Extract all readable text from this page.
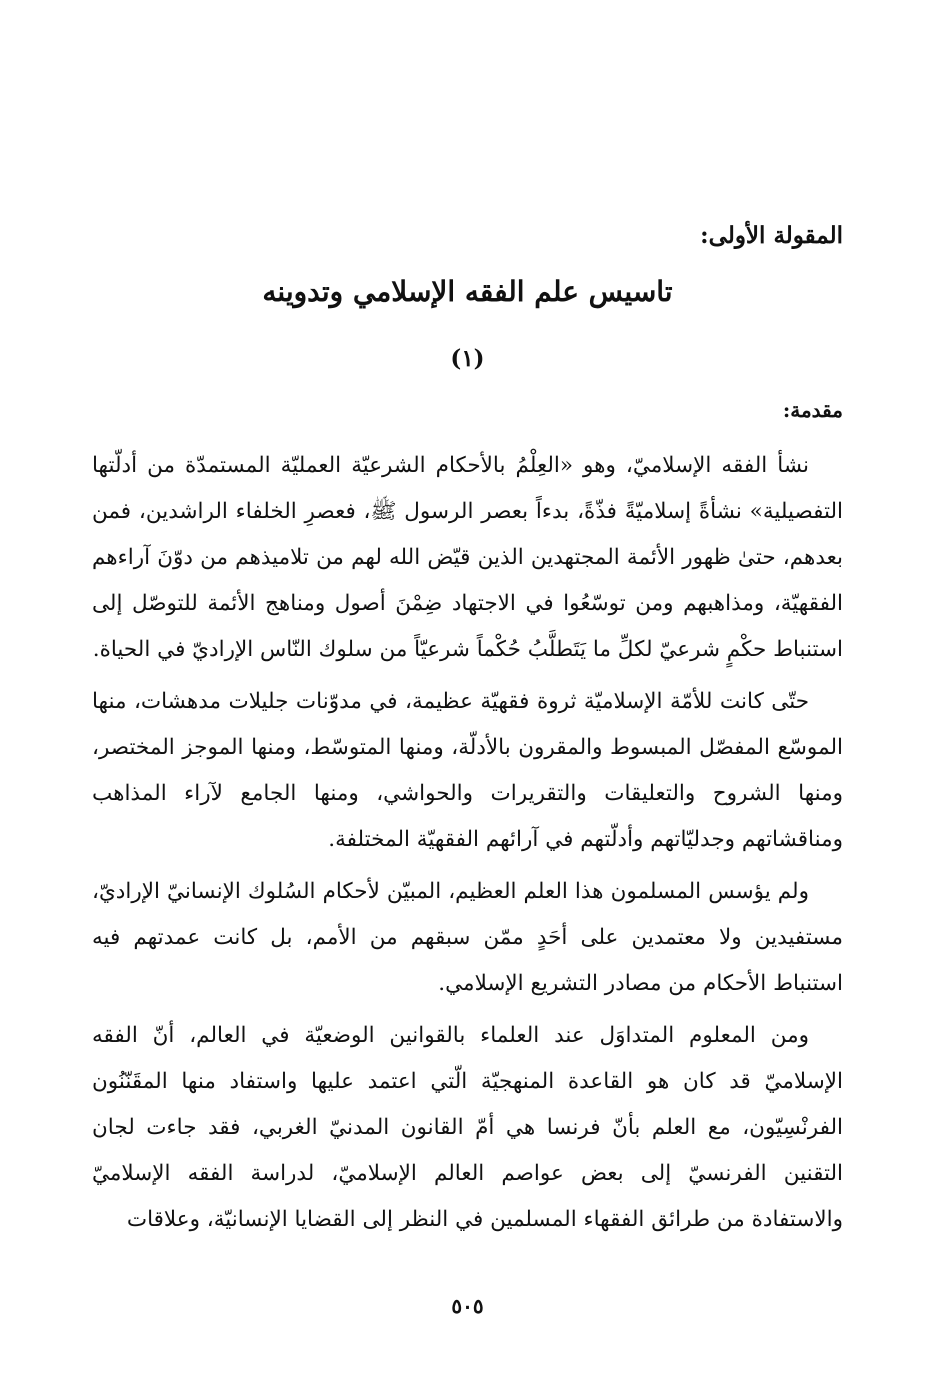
المقولة الأولى:

تاسيس علم الفقه الإسلامي وتدوينه

(١)

مقدمة:

نشأ الفقه الإسلاميّ، وهو «العِلْمُ بالأحكام الشرعيّة العمليّة المستمدّة من أدلّتها التفصيلية» نشأةً إسلاميّةً فذّةً، بدءاً بعصر الرسول ﷺ، فعصرِ الخلفاء الراشدين، فمن بعدهم، حتىٰ ظهور الأئمة المجتهدين الذين قيّض الله لهم من تلاميذهم من دوّنَ آراءهم الفقهيّة، ومذاهبهم ومن توسّعُوا في الاجتهاد ضِمْنَ أصول ومناهج الأئمة للتوصّل إلى استنباط حكْمٍ شرعيّ لكلِّ ما يَتَطلَّبُ حُكْماً شرعيّاً من سلوك النّاس الإراديّ في الحياة.

حتّى كانت للأمّة الإسلاميّة ثروة فقهيّة عظيمة، في مدوّنات جليلات مدهشات، منها الموسّع المفصّل المبسوط والمقرون بالأدلّة، ومنها المتوسّط، ومنها الموجز المختصر، ومنها الشروح والتعليقات والتقريرات والحواشي، ومنها الجامع لآراء المذاهب ومناقشاتهم وجدليّاتهم وأدلّتهم في آرائهم الفقهيّة المختلفة.

ولم يؤسس المسلمون هذا العلم العظيم، المبيّن لأحكام السُلوك الإنسانيّ الإراديّ، مستفيدين ولا معتمدين على أحَدٍ ممّن سبقهم من الأمم، بل كانت عمدتهم فيه استنباط الأحكام من مصادر التشريع الإسلامي.

ومن المعلوم المتداوَل عند العلماء بالقوانين الوضعيّة في العالم، أنّ الفقه الإسلاميّ قد كان هو القاعدة المنهجيّة الّتي اعتمد عليها واستفاد منها المقَنّنُون الفرنْسِيّون، مع العلم بأنّ فرنسا هي أمّ القانون المدنيّ الغربي، فقد جاءت لجان التقنين الفرنسيّ إلى بعض عواصم العالم الإسلاميّ، لدراسة الفقه الإسلاميّ والاستفادة من طرائق الفقهاء المسلمين في النظر إلى القضايا الإنسانيّة، وعلاقات

٥٠٥
